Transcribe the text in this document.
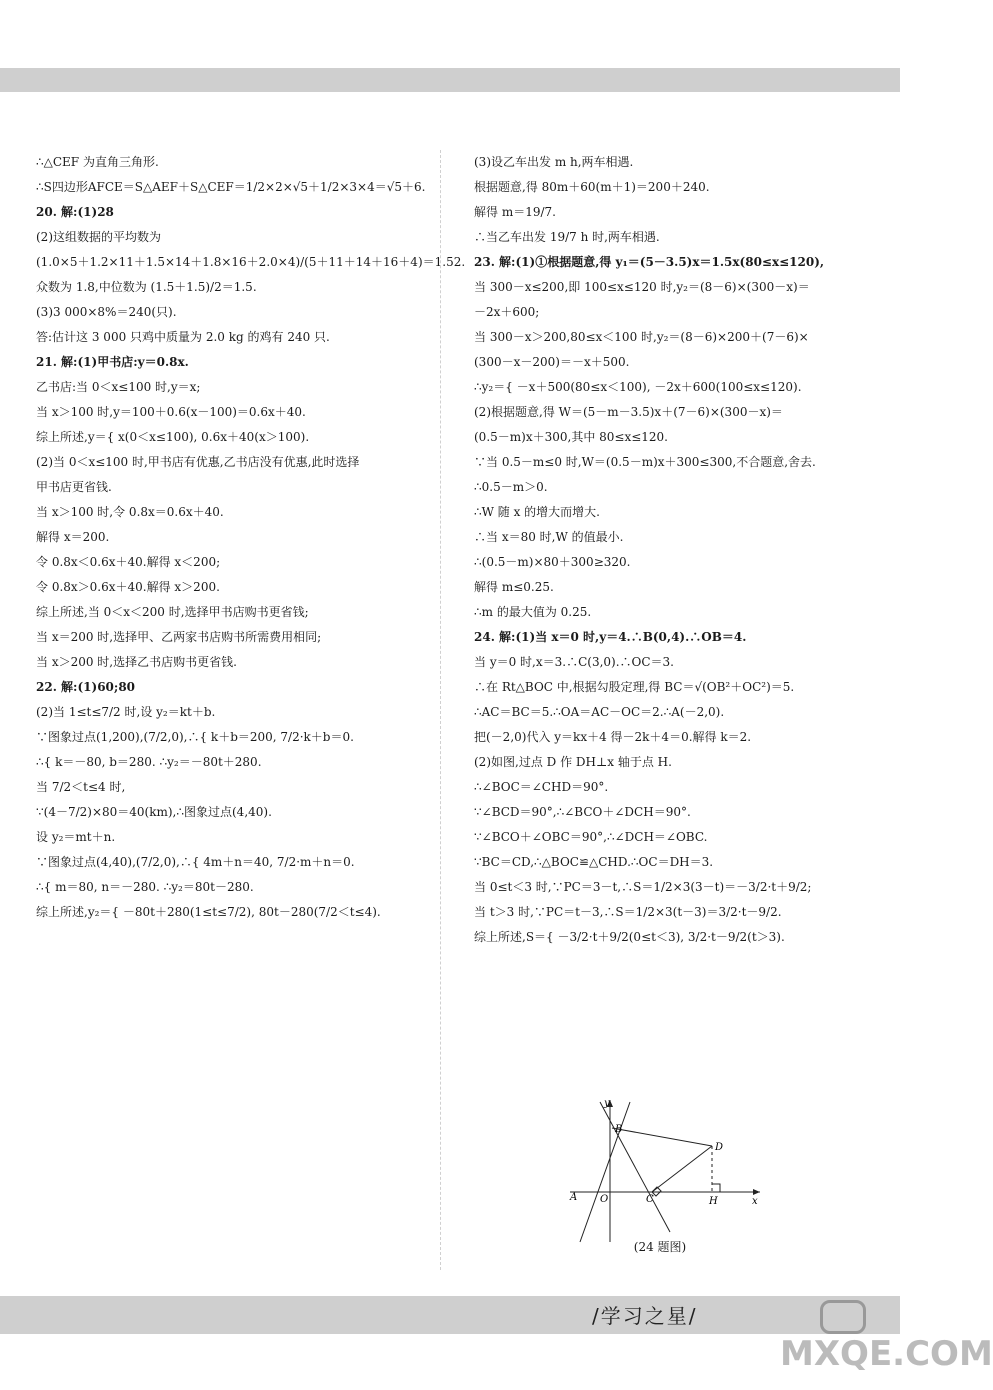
∴△CEF 为直角三角形.
∴S四边形AFCE＝S△AEF＋S△CEF＝1/2×2×√5＋1/2×3×4＝√5＋6.
20. 解:(1)28
(2)这组数据的平均数为
(1.0×5＋1.2×11＋1.5×14＋1.8×16＋2.0×4)/(5＋11＋14＋16＋4)＝1.52.
众数为 1.8,中位数为 (1.5＋1.5)/2＝1.5.
(3)3 000×8%＝240(只).
答:估计这 3 000 只鸡中质量为 2.0 kg 的鸡有 240 只.
21. 解:(1)甲书店:y＝0.8x.
乙书店:当 0＜x≤100 时,y＝x;
当 x＞100 时,y＝100＋0.6(x－100)＝0.6x＋40.
综上所述,y＝{ x(0＜x≤100), 0.6x＋40(x＞100).
(2)当 0＜x≤100 时,甲书店有优惠,乙书店没有优惠,此时选择
甲书店更省钱.
当 x＞100 时,令 0.8x＝0.6x＋40.
解得 x＝200.
令 0.8x＜0.6x＋40.解得 x＜200;
令 0.8x＞0.6x＋40.解得 x＞200.
综上所述,当 0＜x＜200 时,选择甲书店购书更省钱;
当 x＝200 时,选择甲、乙两家书店购书所需费用相同;
当 x＞200 时,选择乙书店购书更省钱.
22. 解:(1)60;80
(2)当 1≤t≤7/2 时,设 y₂＝kt＋b.
∵图象过点(1,200),(7/2,0),∴{ k＋b＝200, 7/2·k＋b＝0.
∴{ k＝－80, b＝280. ∴y₂＝－80t＋280.
当 7/2＜t≤4 时,
∵(4－7/2)×80＝40(km),∴图象过点(4,40).
设 y₂＝mt＋n.
∵图象过点(4,40),(7/2,0),∴{ 4m＋n＝40, 7/2·m＋n＝0.
∴{ m＝80, n＝－280. ∴y₂＝80t－280.
综上所述,y₂＝{ －80t＋280(1≤t≤7/2), 80t－280(7/2＜t≤4).
(3)设乙车出发 m h,两车相遇.
根据题意,得 80m＋60(m＋1)＝200＋240.
解得 m＝19/7.
∴当乙车出发 19/7 h 时,两车相遇.
23. 解:(1)①根据题意,得 y₁＝(5－3.5)x＝1.5x(80≤x≤120),
当 300－x≤200,即 100≤x≤120 时,y₂＝(8－6)×(300－x)＝
－2x＋600;
当 300－x＞200,80≤x＜100 时,y₂＝(8－6)×200＋(7－6)×
(300－x－200)＝－x＋500.
∴y₂＝{ －x＋500(80≤x＜100), －2x＋600(100≤x≤120).
(2)根据题意,得 W＝(5－m－3.5)x＋(7－6)×(300－x)＝
(0.5－m)x＋300,其中 80≤x≤120.
∵当 0.5－m≤0 时,W＝(0.5－m)x＋300≤300,不合题意,舍去.
∴0.5－m＞0.
∴W 随 x 的增大而增大.
∴当 x＝80 时,W 的值最小.
∴(0.5－m)×80＋300≥320.
解得 m≤0.25.
∴m 的最大值为 0.25.
24. 解:(1)当 x＝0 时,y＝4.∴B(0,4).∴OB＝4.
当 y＝0 时,x＝3.∴C(3,0).∴OC＝3.
∴在 Rt△BOC 中,根据勾股定理,得 BC＝√(OB²＋OC²)＝5.
∴AC＝BC＝5.∴OA＝AC－OC＝2.∴A(－2,0).
把(－2,0)代入 y＝kx＋4 得－2k＋4＝0.解得 k＝2.
(2)如图,过点 D 作 DH⊥x 轴于点 H.
∴∠BOC＝∠CHD＝90°.
∵∠BCD＝90°,∴∠BCO＋∠DCH＝90°.
∵∠BCO＋∠OBC＝90°,∴∠DCH＝∠OBC.
∵BC＝CD,∴△BOC≌△CHD.∴OC＝DH＝3.
当 0≤t＜3 时,∵PC＝3－t,∴S＝1/2×3(3－t)＝－3/2·t＋9/2;
当 t＞3 时,∵PC＝t－3,∴S＝1/2×3(t－3)＝3/2·t－9/2.
综上所述,S＝{ －3/2·t＋9/2(0≤t＜3), 3/2·t－9/2(t＞3).
y
x
B
D
A O	C	H
(24 题图)
/学习之星/
MXQE.COM
